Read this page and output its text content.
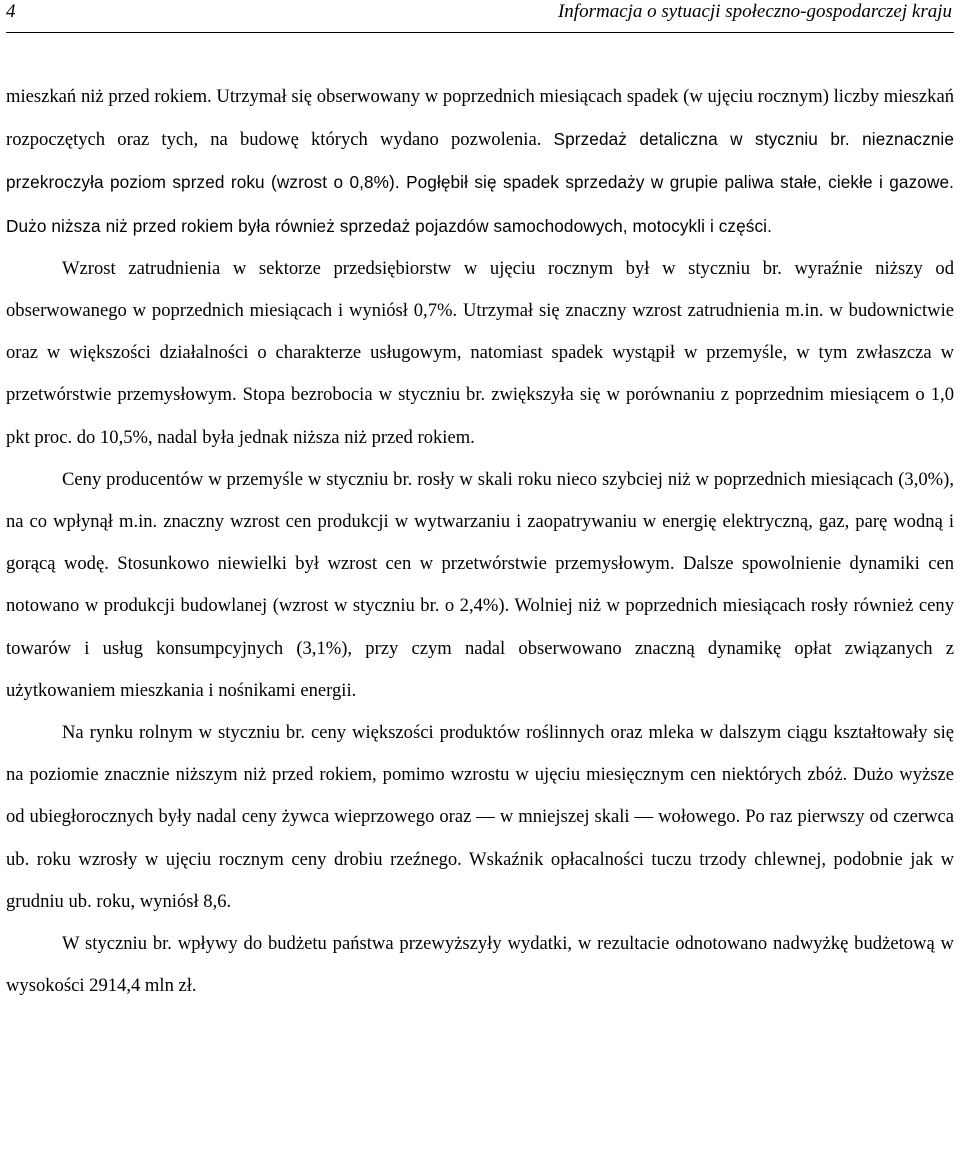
4	Informacja o sytuacji społeczno-gospodarczej kraju

mieszkań niż przed rokiem. Utrzymał się obserwowany w poprzednich miesiącach spadek (w ujęciu rocznym) liczby mieszkań rozpoczętych oraz tych, na budowę których wydano pozwolenia. Sprzedaż detaliczna w styczniu br. nieznacznie przekroczyła poziom sprzed roku (wzrost o 0,8%). Pogłębił się spadek sprzedaży w grupie paliwa stałe, ciekłe i gazowe. Dużo niższa niż przed rokiem była również sprzedaż pojazdów samochodowych, motocykli i części.

Wzrost zatrudnienia w sektorze przedsiębiorstw w ujęciu rocznym był w styczniu br. wyraźnie niższy od obserwowanego w poprzednich miesiącach i wyniósł 0,7%. Utrzymał się znaczny wzrost zatrudnienia m.in. w budownictwie oraz w większości działalności o charakterze usługowym, natomiast spadek wystąpił w przemyśle, w tym zwłaszcza w przetwórstwie przemysłowym. Stopa bezrobocia w styczniu br. zwiększyła się w porównaniu z poprzednim miesiącem o 1,0 pkt proc. do 10,5%, nadal była jednak niższa niż przed rokiem.

Ceny producentów w przemyśle w styczniu br. rosły w skali roku nieco szybciej niż w poprzednich miesiącach (3,0%), na co wpłynął m.in. znaczny wzrost cen produkcji w wytwarzaniu i zaopatrywaniu w energię elektryczną, gaz, parę wodną i gorącą wodę. Stosunkowo niewielki był wzrost cen w przetwórstwie przemysłowym. Dalsze spowolnienie dynamiki cen notowano w produkcji budowlanej (wzrost w styczniu br. o 2,4%). Wolniej niż w poprzednich miesiącach rosły również ceny towarów i usług konsumpcyjnych (3,1%), przy czym nadal obserwowano znaczną dynamikę opłat związanych z użytkowaniem mieszkania i nośnikami energii.

Na rynku rolnym w styczniu br. ceny większości produktów roślinnych oraz mleka w dalszym ciągu kształtowały się na poziomie znacznie niższym niż przed rokiem, pomimo wzrostu w ujęciu miesięcznym cen niektórych zbóż. Dużo wyższe od ubiegłorocznych były nadal ceny żywca wieprzowego oraz — w mniejszej skali — wołowego. Po raz pierwszy od czerwca ub. roku wzrosły w ujęciu rocznym ceny drobiu rzeźnego. Wskaźnik opłacalności tuczu trzody chlewnej, podobnie jak w grudniu ub. roku, wyniósł 8,6.

W styczniu br. wpływy do budżetu państwa przewyższyły wydatki, w rezultacie odnotowano nadwyżkę budżetową w wysokości 2914,4 mln zł.
